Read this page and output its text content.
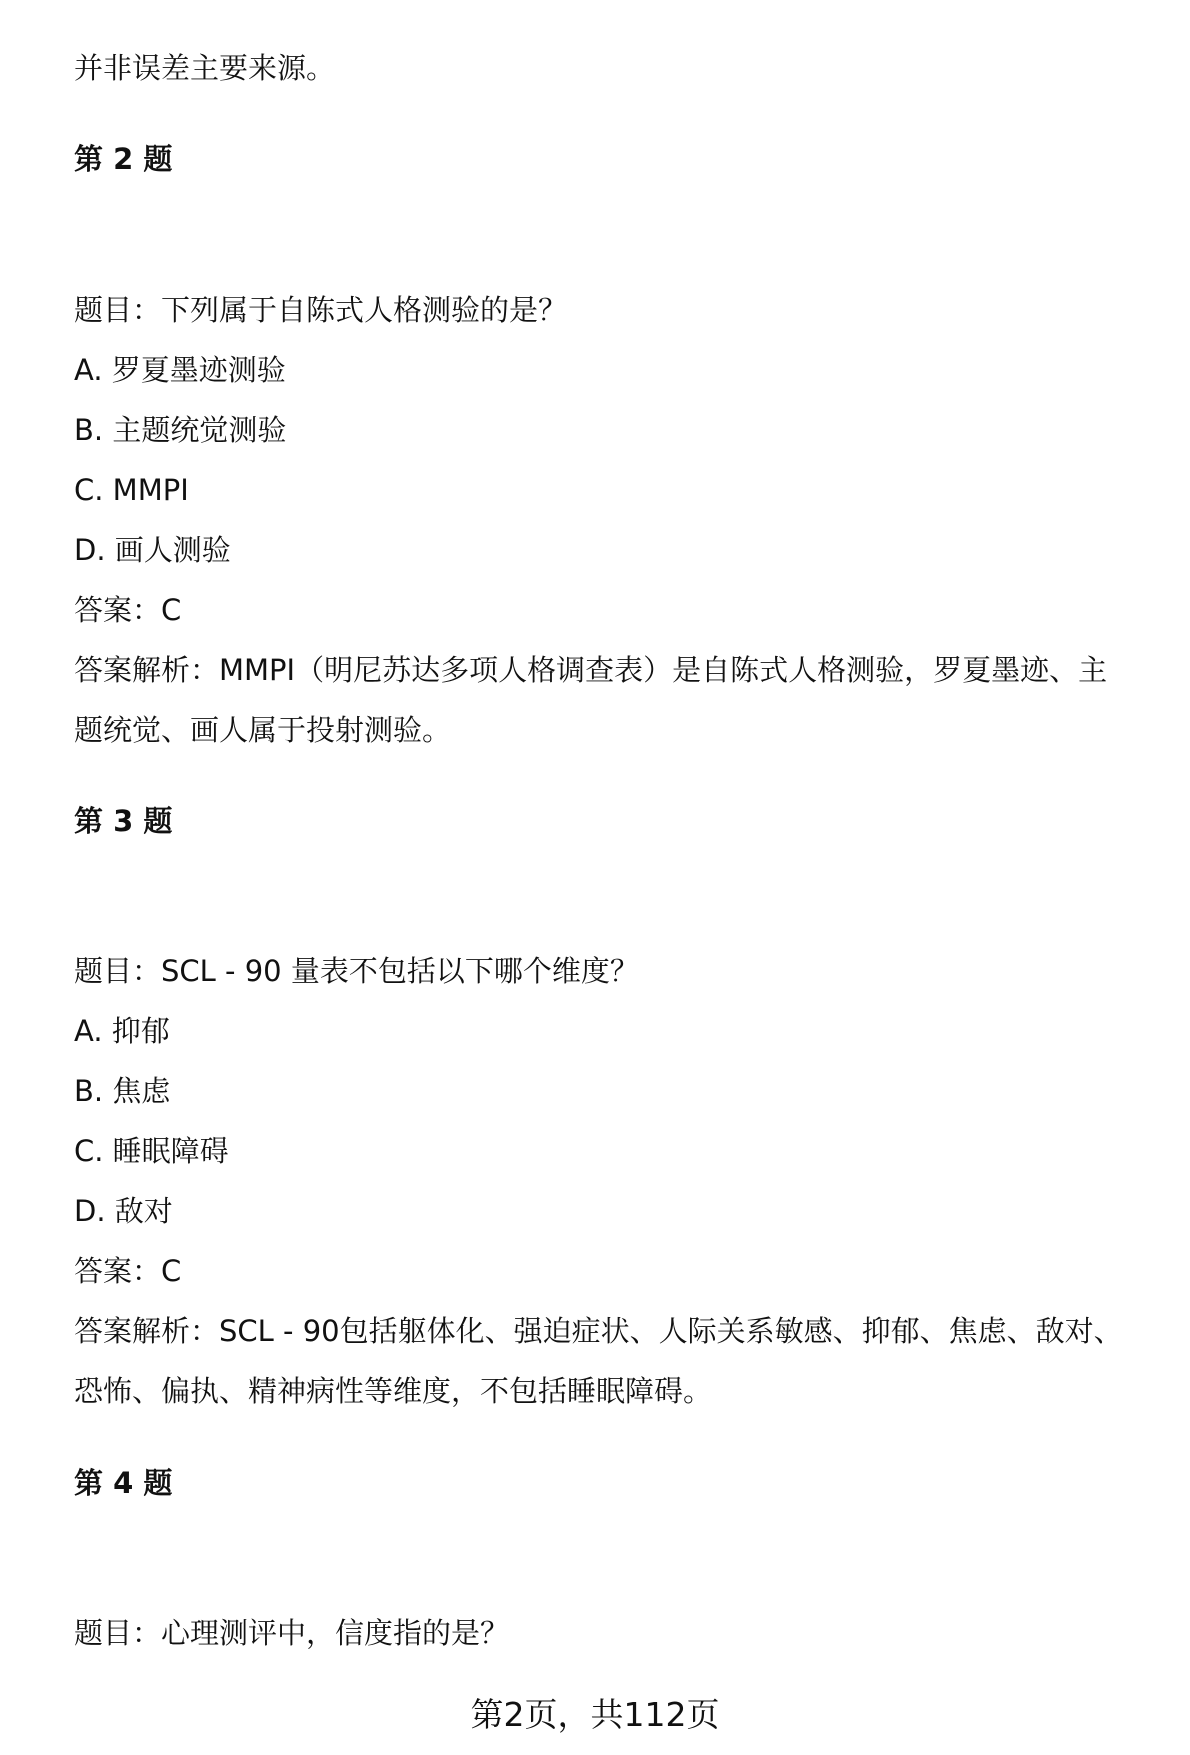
并非误差主要来源。
第 2 题
题目：下列属于自陈式人格测验的是？
A. 罗夏墨迹测验
B. 主题统觉测验
C. MMPI
D. 画人测验
答案：C
答案解析：MMPI（明尼苏达多项人格调查表）是自陈式人格测验，罗夏墨迹、主
题统觉、画人属于投射测验。
第 3 题
题目：SCL - 90 量表不包括以下哪个维度？
A. 抑郁
B. 焦虑
C. 睡眠障碍
D. 敌对
答案：C
答案解析：SCL - 90包括躯体化、强迫症状、人际关系敏感、抑郁、焦虑、敌对、
恐怖、偏执、精神病性等维度，不包括睡眠障碍。
第 4 题
题目：心理测评中，信度指的是？
第2页，共112页
